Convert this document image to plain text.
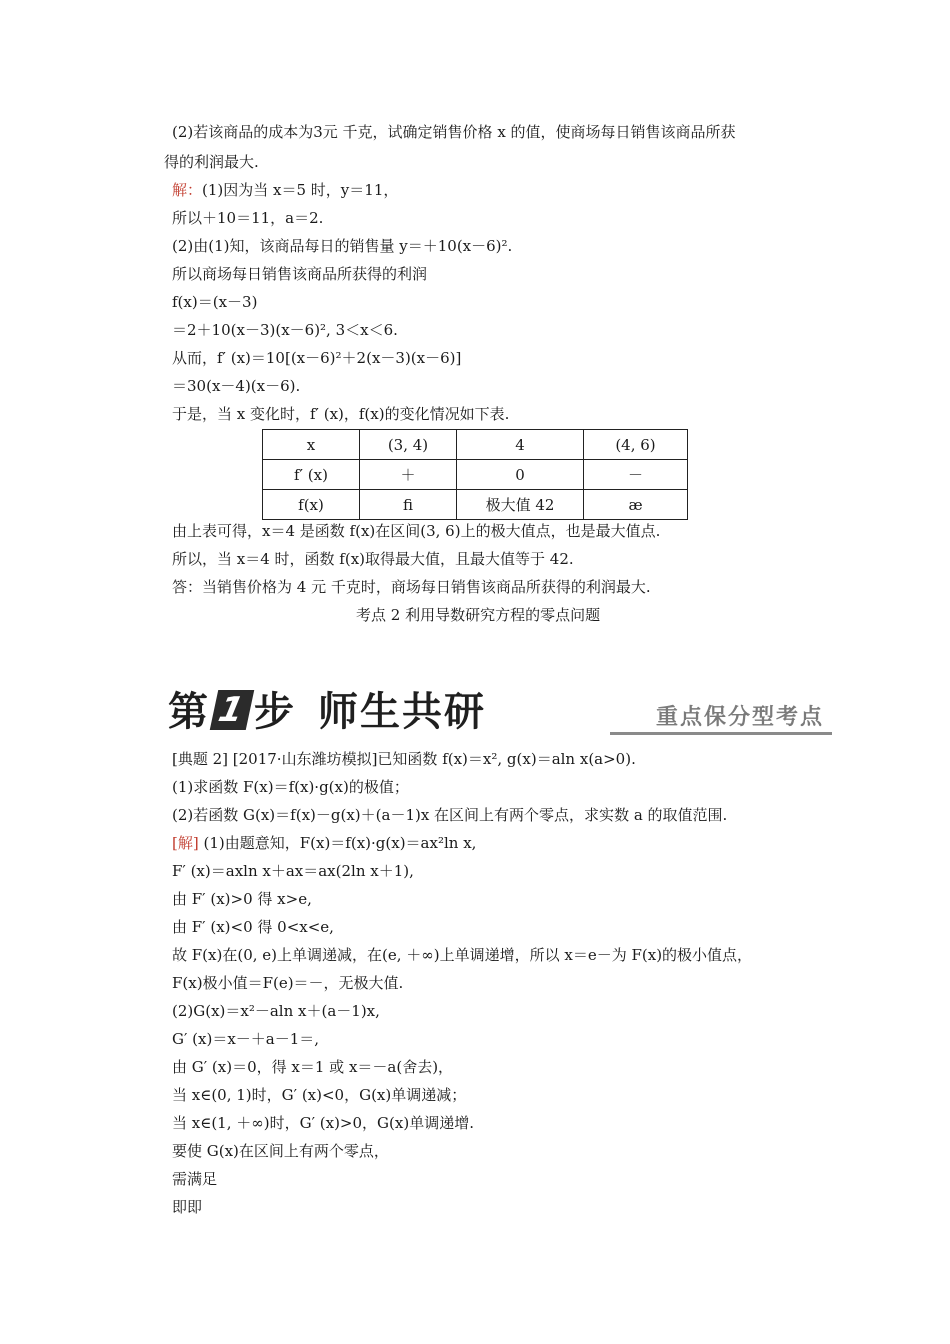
(2)若该商品的成本为3元 千克，试确定销售价格 x 的值，使商场每日销售该商品所获
得的利润最大.
解：(1)因为当 x＝5 时，y＝11，
所以＋10＝11，a＝2.
(2)由(1)知，该商品每日的销售量 y＝＋10(x－6)².
所以商场每日销售该商品所获得的利润
f(x)＝(x－3)
＝2＋10(x－3)(x－6)², 3＜x＜6.
从而，f′ (x)＝10[(x－6)²＋2(x－3)(x－6)]
＝30(x－4)(x－6).
于是，当 x 变化时，f′ (x)，f(x)的变化情况如下表.
x	(3, 4)	4	(4, 6)
f′ (x)	＋	0	－
f(x)	ﬁ	极大值 42	æ
由上表可得，x＝4 是函数 f(x)在区间(3, 6)上的极大值点，也是最大值点.
所以，当 x＝4 时，函数 f(x)取得最大值，且最大值等于 42.
答：当销售价格为 4 元 千克时，商场每日销售该商品所获得的利润最大.
考点 2 利用导数研究方程的零点问题
第 1 步 师生共研	重点保分型考点
[典题 2] [2017·山东潍坊模拟]已知函数 f(x)＝x², g(x)＝aln x(a>0).
(1)求函数 F(x)＝f(x)·g(x)的极值；
(2)若函数 G(x)＝f(x)－g(x)＋(a－1)x 在区间上有两个零点，求实数 a 的取值范围.
[解] (1)由题意知，F(x)＝f(x)·g(x)＝ax²ln x,
F′ (x)＝axln x＋ax＝ax(2ln x＋1),
由 F′ (x)>0 得 x>e,
由 F′ (x)<0 得 0<x<e,
故 F(x)在(0, e)上单调递减，在(e, ＋∞)上单调递增，所以 x＝e－为 F(x)的极小值点，
F(x)极小值＝F(e)＝－，无极大值.
(2)G(x)＝x²－aln x＋(a－1)x,
G′ (x)＝x－＋a－1＝,
由 G′ (x)＝0，得 x＝1 或 x＝－a(舍去)，
当 x∈(0, 1)时，G′ (x)<0，G(x)单调递减；
当 x∈(1, ＋∞)时，G′ (x)>0，G(x)单调递增.
要使 G(x)在区间上有两个零点，
需满足
即即
